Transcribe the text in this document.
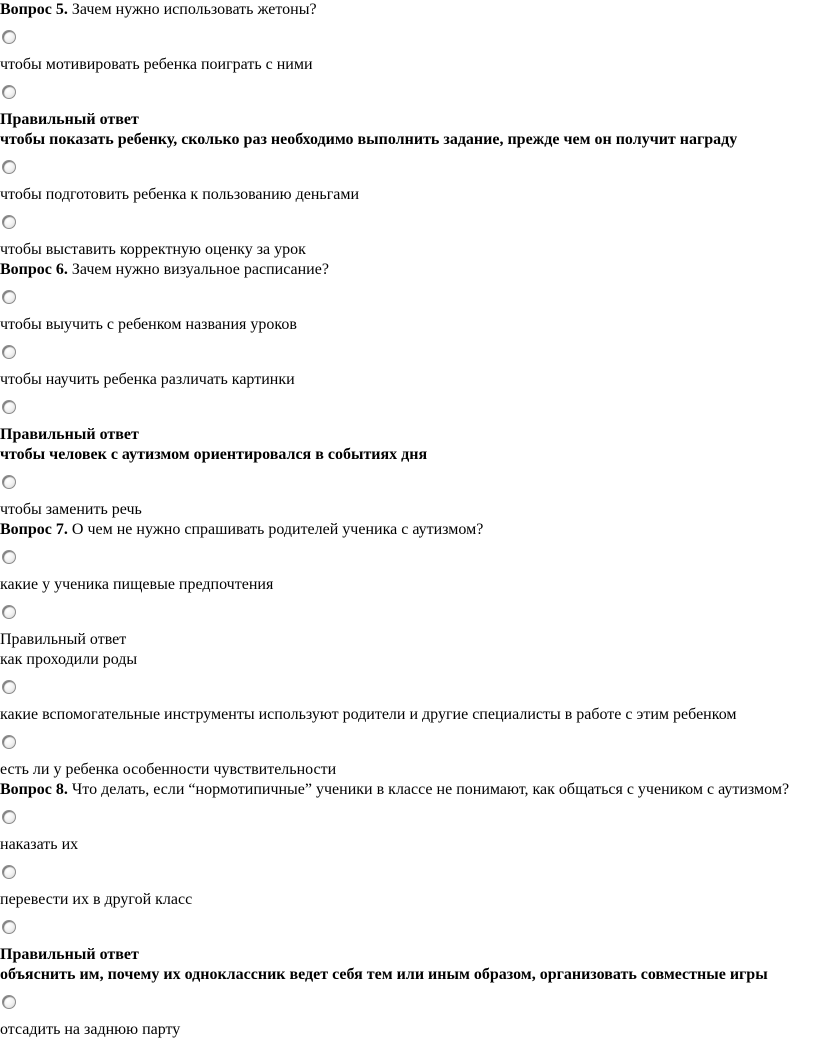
Вопрос 5. Зачем нужно использовать жетоны?

чтобы мотивировать ребенка поиграть с ними

Правильный ответ

чтобы показать ребенку, сколько раз необходимо выполнить задание, прежде чем он получит награду

чтобы подготовить ребенка к пользованию деньгами

чтобы выставить корректную оценку за урок

Вопрос 6. Зачем нужно визуальное расписание?

чтобы выучить с ребенком названия уроков

чтобы научить ребенка различать картинки

Правильный ответ

чтобы человек с аутизмом ориентировался в событиях дня

чтобы заменить речь

Вопрос 7. О чем не нужно спрашивать родителей ученика с аутизмом?

какие у ученика пищевые предпочтения

Правильный ответ

как проходили роды

какие вспомогательные инструменты используют родители и другие специалисты в работе с этим ребенком

есть ли у ребенка особенности чувствительности

Вопрос 8. Что делать, если “нормотипичные” ученики в классе не понимают, как общаться с учеником с аутизмом?

наказать их

перевести их в другой класс

Правильный ответ

объяснить им, почему их одноклассник ведет себя тем или иным образом, организовать совместные игры

отсадить на заднюю парту
